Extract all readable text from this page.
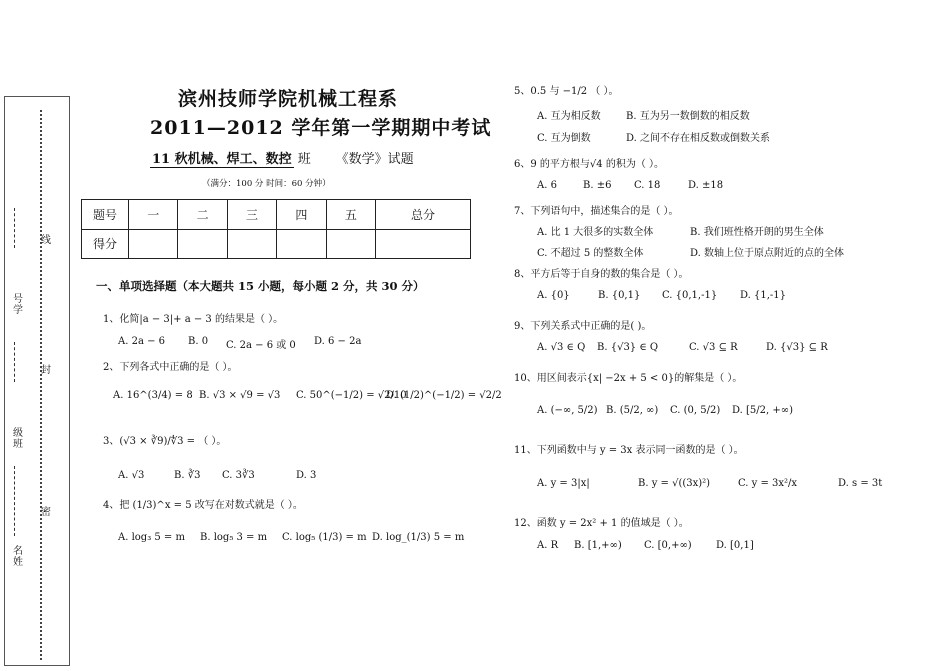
号学
级班
名姓
线
封
密
滨州技师学院机械工程系
2011—2012 学年第一学期期中考试
11 秋机械、焊工、数控 班 《数学》试题
（满分：100 分 时间：60 分钟）
题号	一	二	三	四	五	总分
得分						
一、单项选择题（本大题共 15 小题，每小题 2 分，共 30 分）
1、化简|a − 3|+ a − 3 的结果是（ ）。
A. 2a − 6 B. 0 C. 2a − 6 或 0 D. 6 − 2a
2、下列各式中正确的是（ ）。
A. 16^(3/4) = 8 B. √3 × √9 = √3 C. 50^(−1/2) = √2/10
D. (1/2)^(−1/2) = √2/2
3、(√3 × ∛9)/∜3 = （ ）。
A. √3	B. ∛3 C. 3∛3	D. 3
4、把 (1/3)^x = 5 改写在对数式就是（ ）。
A. log₃ 5 = m B. log₅ 3 = m C. log₅ (1/3) = m D. log_(1/3) 5 = m
5、0.5 与 −1/2 （ ）。
A. 互为相反数	B. 互为另一数倒数的相反数
C. 互为倒数	D. 之间不存在相反数或倒数关系
6、9 的平方根与√4 的积为（ ）。
A. 6	B. ±6 C. 18	D. ±18
7、下列语句中，描述集合的是（ ）。
A. 比 1 大很多的实数全体	B. 我们班性格开朗的男生全体
C. 不超过 5 的整数全体	D. 数轴上位于原点附近的点的全体
8、平方后等于自身的数的集合是（ ）。
A. {0}	B. {0,1} C. {0,1,-1} D. {1,-1}
9、下列关系式中正确的是( )。
A. √3 ∈ Q B. {√3} ∈ Q	C. √3 ⊆ R	D. {√3} ⊆ R
10、用区间表示{x| −2x + 5 < 0}的解集是（ ）。
A. (−∞, 5/2) B. (5/2, ∞) C. (0, 5/2) D. [5/2, +∞)
11、下列函数中与 y = 3x 表示同一函数的是（ ）。
A. y = 3|x|	B. y = √((3x)²)	C. y = 3x²/x	D. s = 3t
12、函数 y = 2x² + 1 的值域是（ ）。
A. R B. [1,+∞) C. [0,+∞) D. [0,1]
